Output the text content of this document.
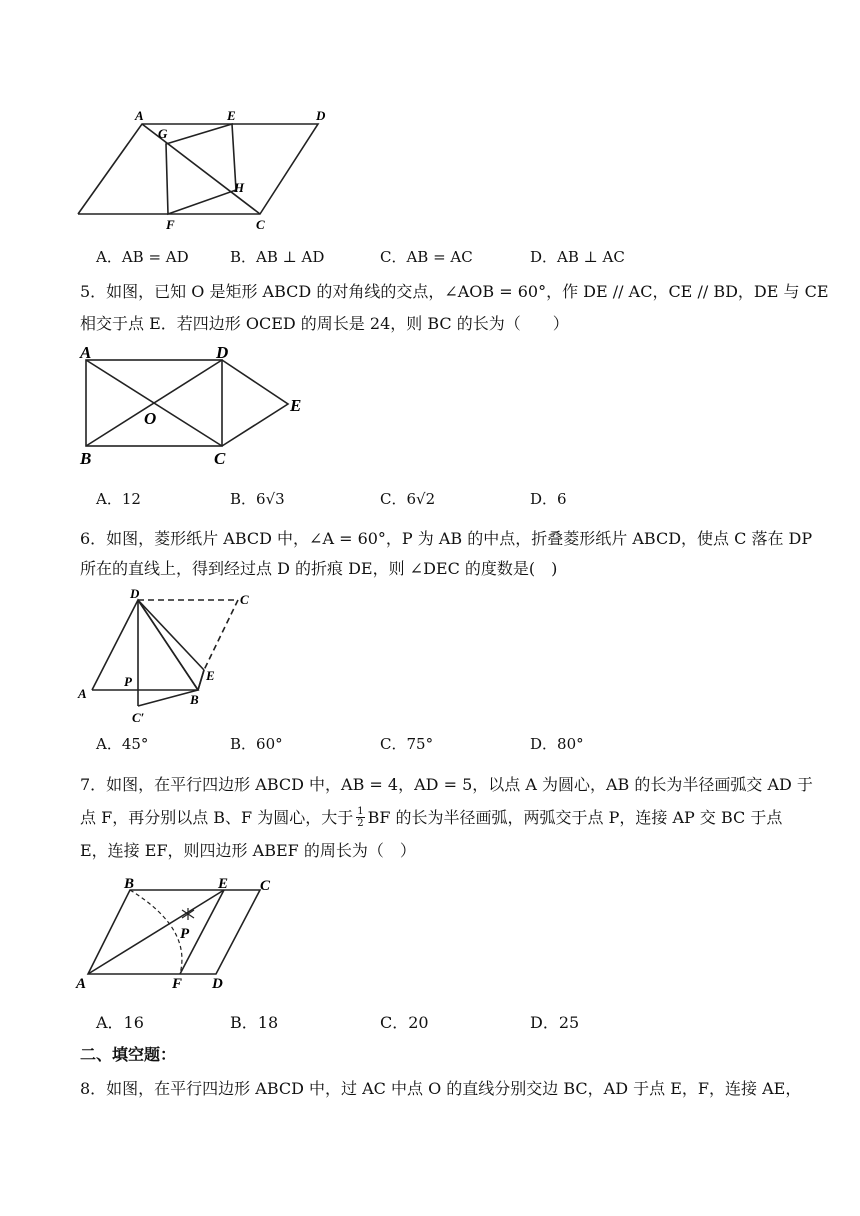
A	E	D
G
H
F	C
A．AB = AD	B．AB ⊥ AD	C．AB = AC	D．AB ⊥ AC
5．如图，已知 O 是矩形 ABCD 的对角线的交点，∠AOB = 60°，作 DE // AC，CE // BD，DE 与 CE
相交于点 E．若四边形 OCED 的周长是 24，则 BC 的长为（　　）
A	D
E
O
B	C
A．12	B．6√3	C．6√2	D．6
6．如图，菱形纸片 ABCD 中，∠A = 60°，P 为 AB 的中点，折叠菱形纸片 ABCD，使点 C 落在 DP
所在的直线上，得到经过点 D 的折痕 DE，则 ∠DEC 的度数是(　)
D	C
E
P
A	B
C′
A．45°	B．60°	C．75°	D．80°
7．如图，在平行四边形 ABCD 中，AB = 4，AD = 5，以点 A 为圆心，AB 的长为半径画弧交 AD 于
点 F，再分别以点 B、F 为圆心，大于 $\frac{1}{2}$ BF 的长为半径画弧，两弧交于点 P，连接 AP 交 BC 于点
E，连接 EF，则四边形 ABEF 的周长为（　）
B	E C
P
A	F D
A．16	B．18	C．20	D．25
二、填空题：
8．如图，在平行四边形 ABCD 中，过 AC 中点 O 的直线分别交边 BC，AD 于点 E，F，连接 AE，
